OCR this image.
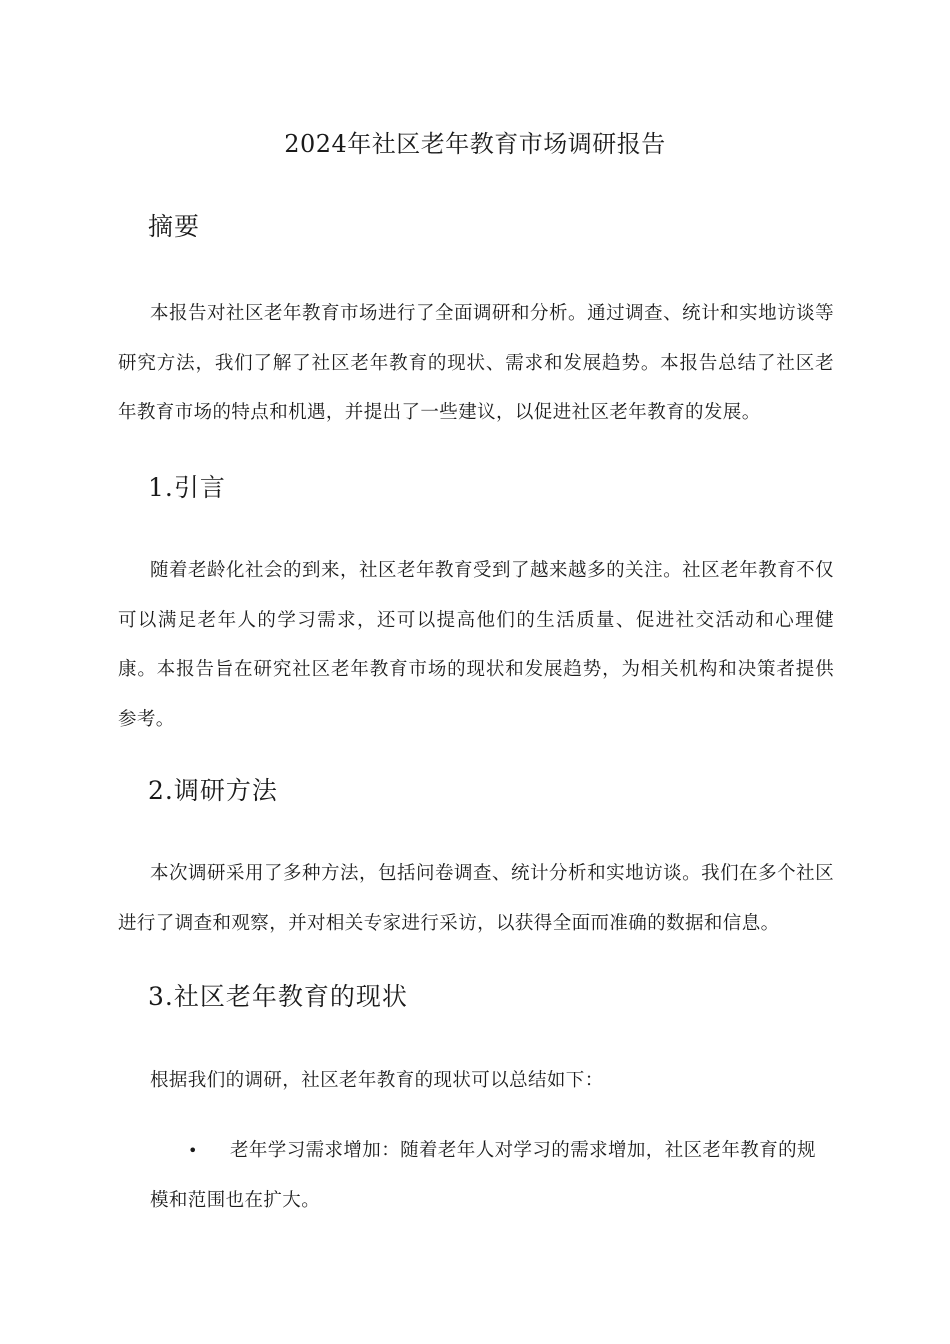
2024年社区老年教育市场调研报告
摘要
本报告对社区老年教育市场进行了全面调研和分析。通过调查、统计和实地访谈等研究方法，我们了解了社区老年教育的现状、需求和发展趋势。本报告总结了社区老年教育市场的特点和机遇，并提出了一些建议，以促进社区老年教育的发展。
1.引言
随着老龄化社会的到来，社区老年教育受到了越来越多的关注。社区老年教育不仅可以满足老年人的学习需求，还可以提高他们的生活质量、促进社交活动和心理健康。本报告旨在研究社区老年教育市场的现状和发展趋势，为相关机构和决策者提供参考。
2.调研方法
本次调研采用了多种方法，包括问卷调查、统计分析和实地访谈。我们在多个社区进行了调查和观察，并对相关专家进行采访，以获得全面而准确的数据和信息。
3.社区老年教育的现状
根据我们的调研，社区老年教育的现状可以总结如下：
•	老年学习需求增加：随着老年人对学习的需求增加，社区老年教育的规
模和范围也在扩大。
